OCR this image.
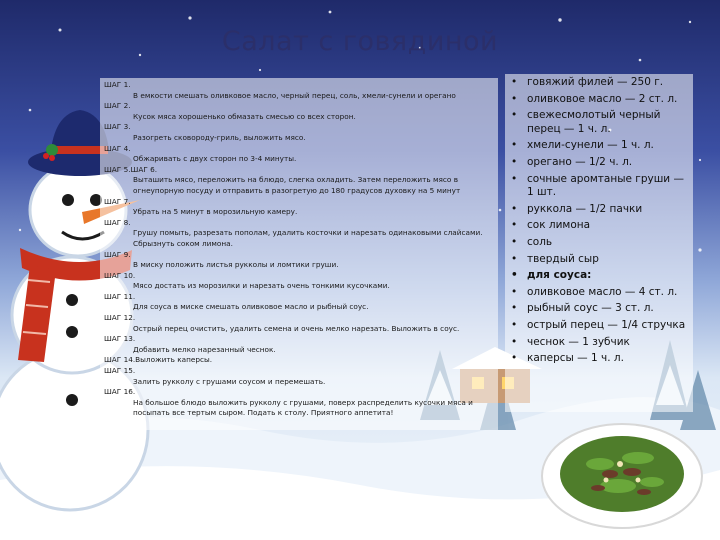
Салат с говядиной
ШАГ 1.
В емкости смешать оливковое масло, черный перец, соль, хмели-сунели и орегано
ШАГ 2.
Кусок мяса хорошенько обмазать смесью со всех сторон.
ШАГ 3.
Разогреть сковороду-гриль, выложить мясо.
ШАГ 4.
Обжаривать с двух сторон по 3-4 минуты.
ШАГ 5.ШАГ 6.
Выташить мясо, переложить на блюдо, слегка охладить. Затем переложить мясо в огнеупорную посуду и отправить в разогретую до 180 градусов духовку на 5 минут
ШАГ 7.
Убрать на 5 минут в морозильную камеру.
ШАГ 8.
Грушу помыть, разрезать пополам, удалить косточки и нарезать одинаковыми слайсами. Сбрызнуть соком лимона.
ШАГ 9.
В миску положить листья рукколы и ломтики груши.
ШАГ 10.
Мясо достать из морозилки и нарезать очень тонкими кусочками.
ШАГ 11.
Для соуса в миске смешать оливковое масло и рыбный соус.
ШАГ 12.
Острый перец очистить, удалить семена и очень мелко нарезать. Выложить в соус.
ШАГ 13.
Добавить мелко нарезанный чеснок.
ШАГ 14.Выложить каперсы.
ШАГ 15.
Залить рукколу с грушами соусом и перемешать.
ШАГ 16.
На большое блюдо выложить рукколу с грушами, поверх распределить кусочки мяса и посыпать все тертым сыром. Подать к столу. Приятного аппетита!
• говяжий филей — 250 г.
• оливковое масло — 2 ст. л.
• свежесмолотый черный перец — 1 ч. л.
• хмели-сунели — 1 ч. л.
• орегано — 1/2 ч. л.
• сочные аромтаные груши — 1 шт.
• руккола — 1/2 пачки
• сок лимона
• соль
• твердый сыр
• для соуса:
• оливковое масло — 4 ст. л.
• рыбный соус — 3 ст. л.
• острый перец — 1/4 стручка
• чеснок — 1 зубчик
• каперсы — 1 ч. л.
